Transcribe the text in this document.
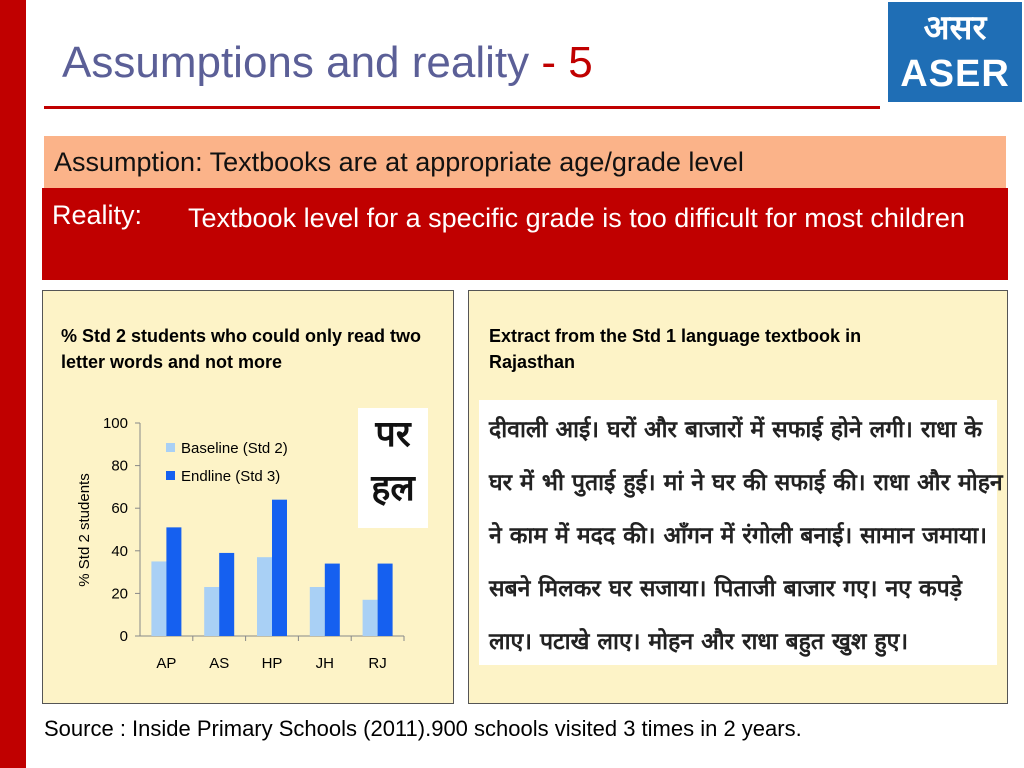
Assumptions and reality - 5
असर
ASER
Assumption: Textbooks are at appropriate age/grade level
Reality: Textbook level for a specific grade is too difficult for most children
% Std 2 students who could only read two letter words and not more
Extract from the Std 1 language textbook in Rajasthan
0
20
40
60
80
100
% Std 2 students
AP AS HP JH RJ
Baseline (Std 2)
Endline (Std 3)
पर
हल
दीवाली आई। घरों और बाजारों में सफाई होने लगी। राधा के
घर में भी पुताई हुई। मां ने घर की सफाई की। राधा और मोहन
ने काम में मदद की। आँगन में रंगोली बनाई। सामान जमाया।
सबने मिलकर घर सजाया। पिताजी बाजार गए। नए कपड़े
लाए। पटाखे लाए। मोहन और राधा बहुत खुश हुए।
Source : Inside Primary Schools (2011).900 schools visited 3 times in 2 years.
